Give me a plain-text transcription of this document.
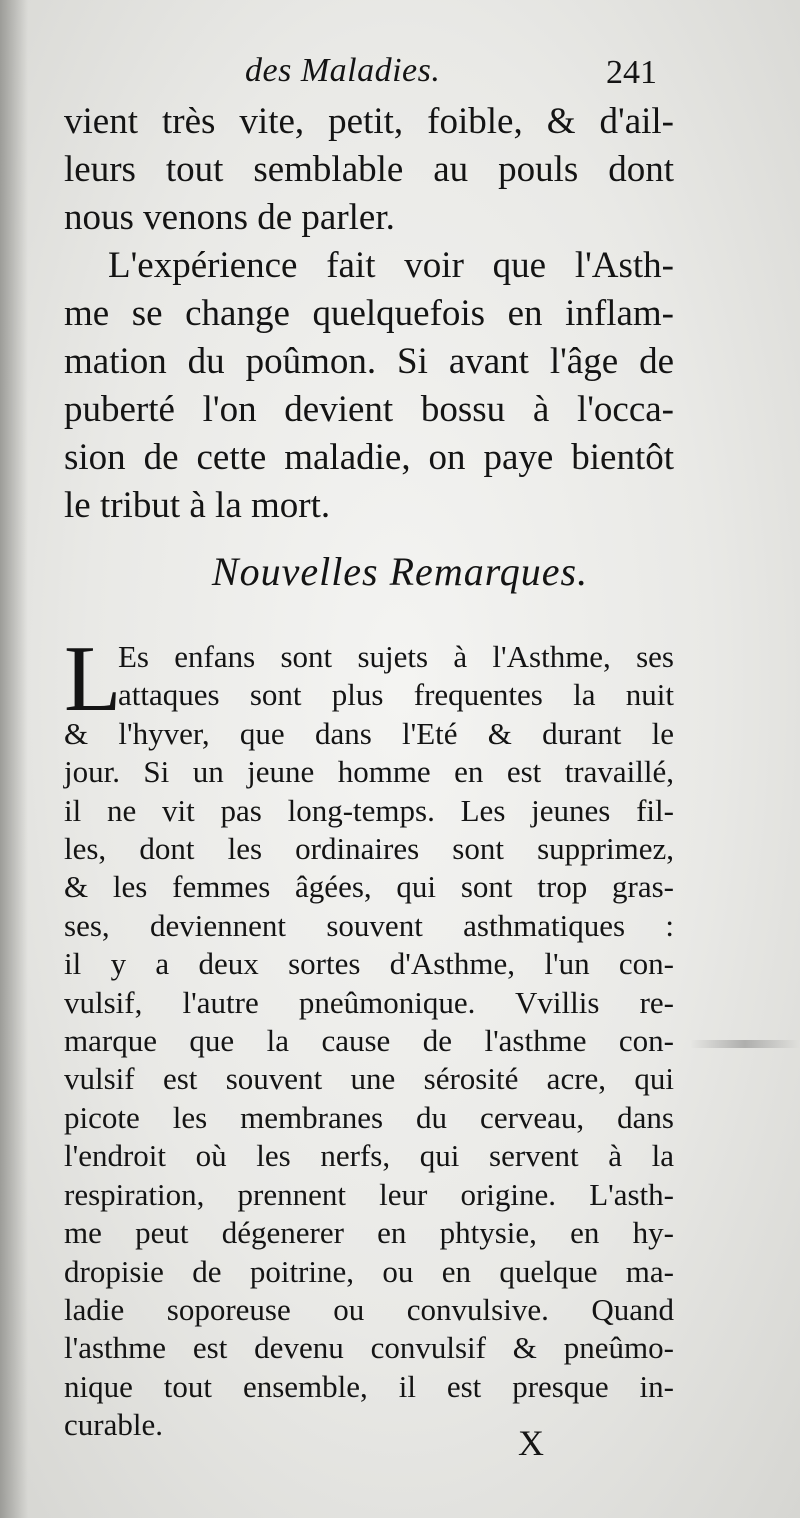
des Maladies.	241
vient très vite, petit, foible, & d'ail-
leurs tout semblable au pouls dont
nous venons de parler.
L'expérience fait voir que l'Asth-
me se change quelquefois en inflam-
mation du poûmon. Si avant l'âge de
puberté l'on devient bossu à l'occa-
sion de cette maladie, on paye bientôt
le tribut à la mort.
Nouvelles Remarques.
L
Es enfans sont sujets à l'Asthme, ses
attaques sont plus frequentes la nuit
& l'hyver, que dans l'Eté & durant le
jour. Si un jeune homme en est travaillé,
il ne vit pas long-temps. Les jeunes fil-
les, dont les ordinaires sont supprimez,
& les femmes âgées, qui sont trop gras-
ses, deviennent souvent asthmatiques :
il y a deux sortes d'Asthme, l'un con-
vulsif, l'autre pneûmonique. Vvillis re-
marque que la cause de l'asthme con-
vulsif est souvent une sérosité acre, qui
picote les membranes du cerveau, dans
l'endroit où les nerfs, qui servent à la
respiration, prennent leur origine. L'asth-
me peut dégenerer en phtysie, en hy-
dropisie de poitrine, ou en quelque ma-
ladie soporeuse ou convulsive. Quand
l'asthme est devenu convulsif & pneûmo-
nique tout ensemble, il est presque in-
curable.	X
